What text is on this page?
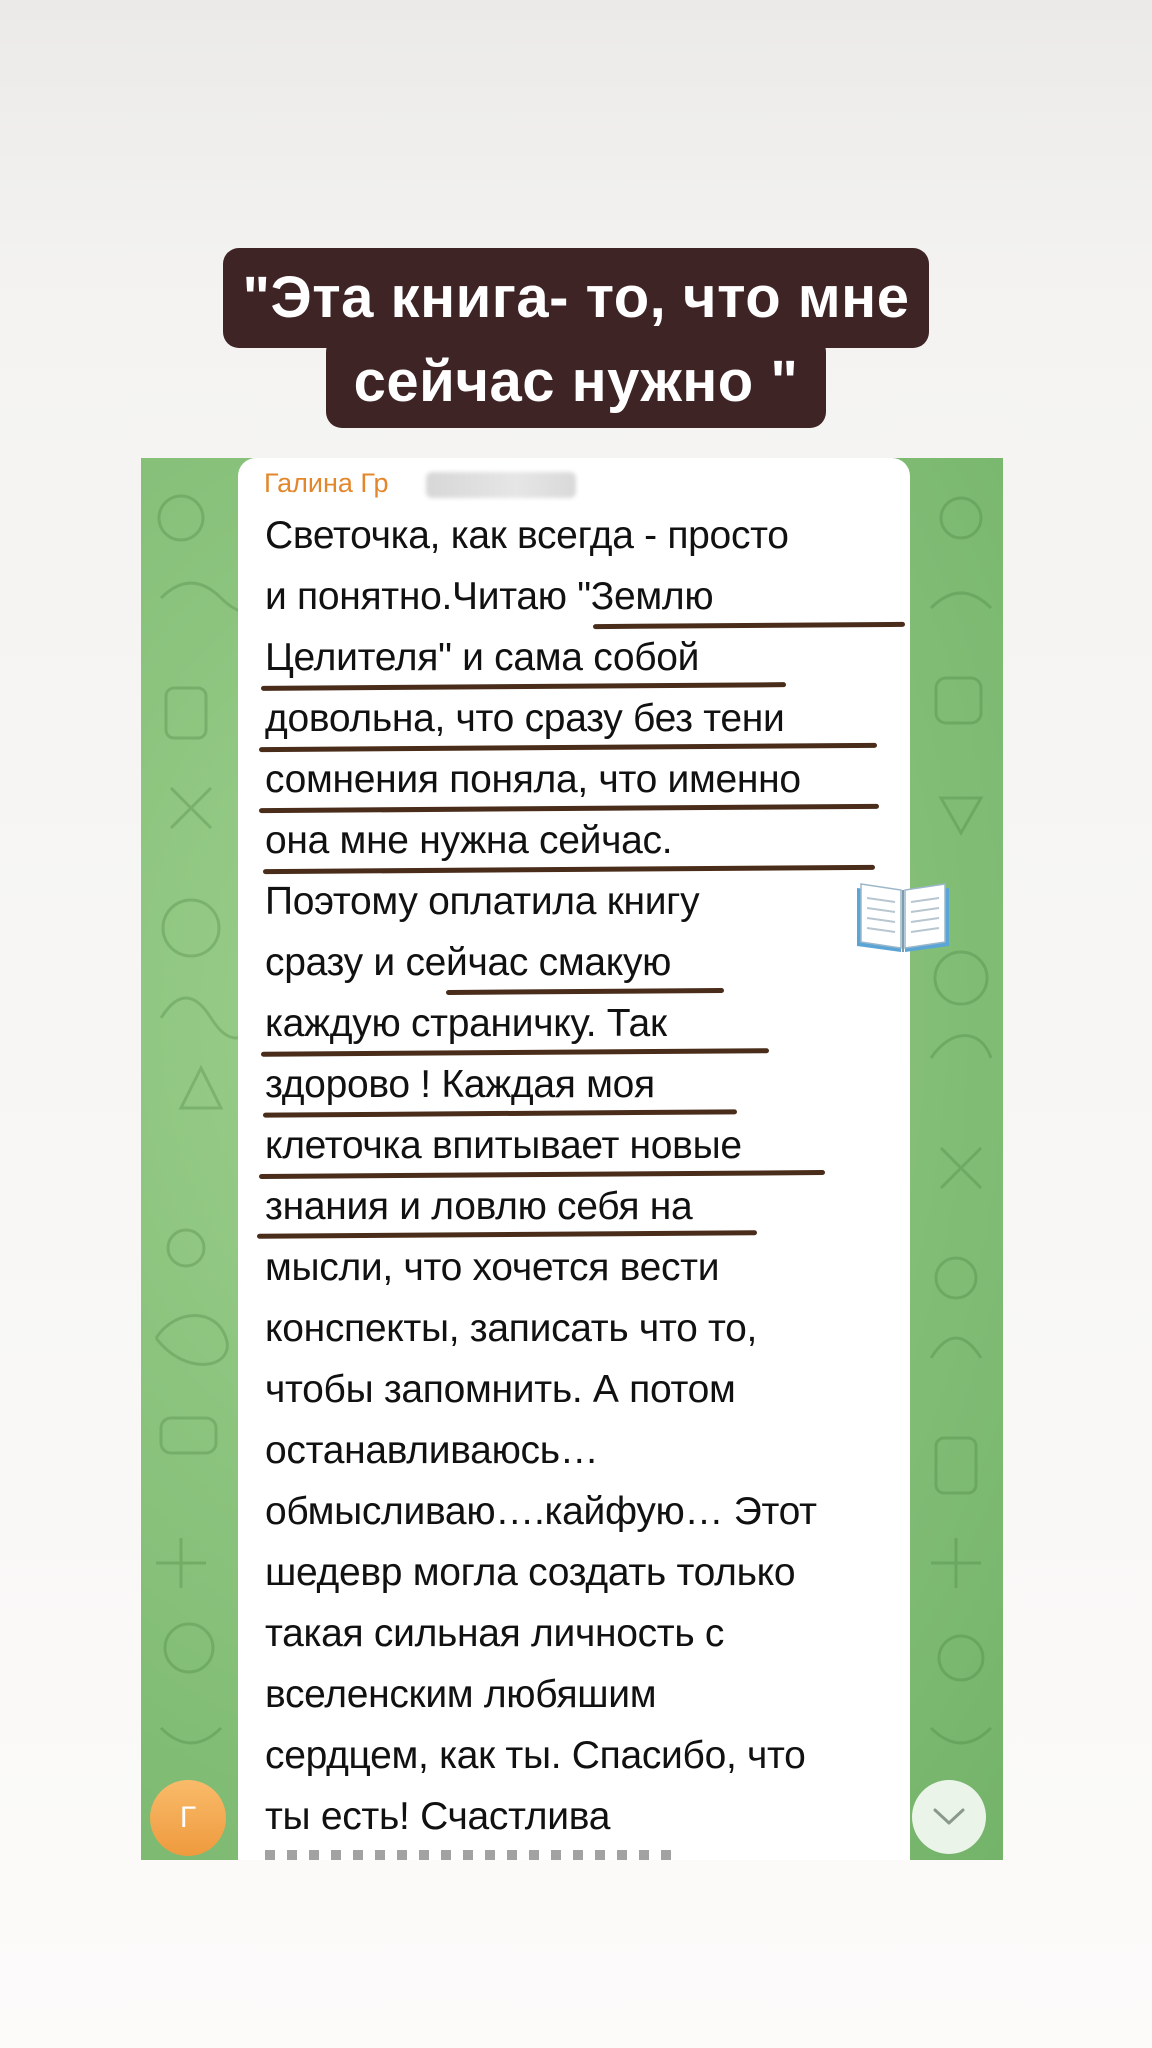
"Эта книга- то, что мне
сейчас нужно "
Галина Гр
Светочка, как всегда - просто
и понятно.Читаю "Землю
Целителя" и сама собой
довольна, что сразу без тени
сомнения поняла, что именно
она мне нужна сейчас.
Поэтому оплатила книгу
сразу и сейчас смакую
каждую страничку. Так
здорово ! Каждая моя
клеточка впитывает новые
знания и ловлю себя на
мысли, что хочется вести
конспекты, записать что то,
чтобы запомнить. А потом
останавливаюсь…
обмысливаю….кайфую… Этот
шедевр могла создать только
такая сильная личность с
вселенским любяшим
сердцем, как ты. Спасибо, что
ты есть! Счастлива
Г
